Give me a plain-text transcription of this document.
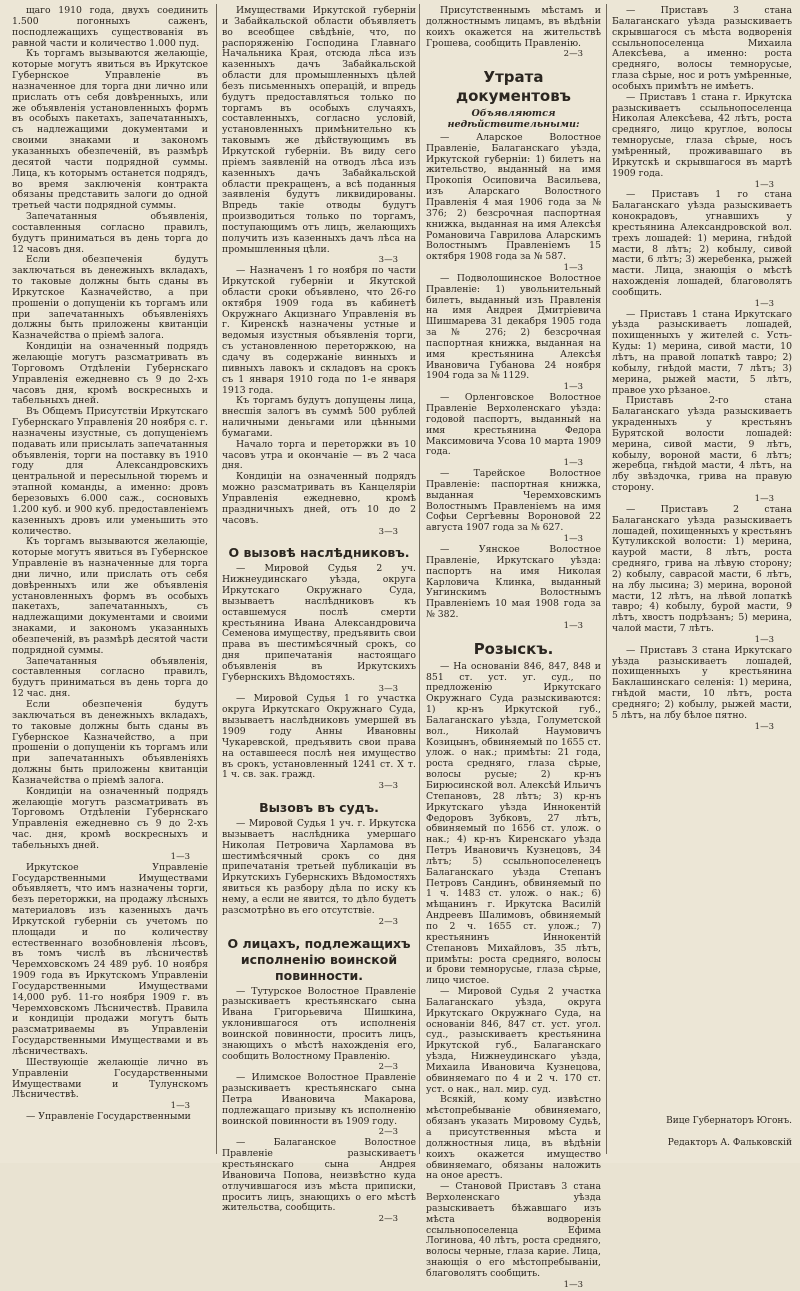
щаго 1910 года, двухъ соединить 1.500 погонныхъ саженъ, посподлежащихъ существованія въ равной части и количество 1.000 пуд.

Къ торгамъ вызываются желающіе, которые могутъ явиться въ Иркутское Губернское Управленіе въ назначенное для торга дни лично или прислать отъ себя довѣренныхъ, или же объявленія установленныхъ формъ въ особыхъ пакетахъ, запечатанныхъ, съ надлежащими документами и своими знаками и закономъ указанныхъ обезпеченій, въ размѣрѣ десятой части подрядной суммы. Лица, къ которымъ останется подрядъ, во время заключенія контракта обязаны представить залоги до одной третьей части подрядной суммы.

Запечатанныя объявленія, составленныя согласно правилъ, будутъ приниматься въ день торга до 12 часовъ дня.

Если обезпеченія будутъ заключаться въ денежныхъ вкладахъ, то таковые должны быть сданы въ Иркутское Казначейство, а при прошеніи о допущеніи къ торгамъ или при запечатанныхъ объявленіяхъ должны быть приложены квитанціи Казначейства о пріемѣ залога.

Кондиціи на означенный подрядъ желающіе могутъ разсматривать въ Торговомъ Отдѣленіи Губернскаго Управленія ежедневно съ 9 до 2-хъ часовъ дня, кромѣ воскресныхъ и табельныхъ дней.

Въ Общемъ Присутствіи Иркутскаго Губернскаго Управленія 20 ноября с. г. назначены изустные, съ допущеніемъ подавать или присылать запечатанныя объявленія, торги на поставку въ 1910 году для Александровскихъ центральной и пересыльной тюремъ и этапной команды, а именно: дровъ березовыхъ 6.000 саж., сосновыхъ 1.200 куб. и 900 куб. предоставленіемъ казенныхъ дровъ или уменьшить это количество.

Къ торгамъ вызываются желающіе, которые могутъ явиться въ Губернское Управленіе въ назначенные для торга дни лично, или прислать отъ себя довѣренныхъ или же объявленія установленныхъ формъ въ особыхъ пакетахъ, запечатанныхъ, съ надлежащими документами и своими знаками, и закономъ указанныхъ обезпеченій, въ размѣрѣ десятой части подрядной суммы.

Запечатанныя объявленія, составленныя согласно правилъ, будутъ приниматься въ день торга до 12 час. дня.

Если обезпеченія будутъ заключаться въ денежныхъ вкладахъ, то таковые должны быть сданы въ Губернское Казначейство, а при прошеніи о допущеніи къ торгамъ или при запечатанныхъ объявленіяхъ должны быть приложены квитанціи Казначейства о пріемѣ залога.

Кондиціи на означенный подрядъ желающіе могутъ разсматривать въ Торговомъ Отдѣленіи Губернскаго Управленія ежедневно съ 9 до 2-хъ час. дня, кромѣ воскресныхъ и табельныхъ дней.

1—3

Иркутское Управленіе Государственными Имуществами объявляетъ, что имъ назначены торги, безъ переторжки, на продажу лѣсныхъ материаловъ изъ казенныхъ дачъ Иркутской губерніи съ учетомъ по площади и по количеству естественнаго возобновленія лѣсовъ, въ томъ числѣ въ лѣсничествѣ Черемховскомъ 24 489 руб. 10 ноября 1909 года въ Иркутскомъ Управленіи Государственными Имуществами 14,000 руб. 11-го ноября 1909 г. въ Черемховскомъ Лѣсничествѣ. Правила и кондиціи продажи могутъ быть разсматриваемы въ Управленіи Государственными Имуществами и въ лѣсничествахъ.

Шествующіе желающіе лично въ Управленіи Государственными Имуществами и Тулунскомъ Лѣсничествѣ.

1—3

— Управленіе Государственными

Имуществами Иркутской губерніи и Забайкальской области объявляетъ во всеобщее свѣдѣніе, что, по распоряженію Господина Главнаго Начальника Края, отсюда лѣса изъ казенныхъ дачъ Забайкальской области для промышленныхъ цѣлей безъ письменныхъ операцій, и впредь будутъ предоставляться только по торгамъ въ особыхъ случаяхъ, составленныхъ, согласно условій, установленныхъ примѣнительно къ таковымъ же дѣйствующимъ въ Иркутской губерніи. Въ виду сего пріемъ заявленій на отводъ лѣса изъ казенныхъ дачъ Забайкальской области прекращенъ, а всѣ поданныя заявленія будутъ ликвидированы. Впредь такіе отводы будутъ производиться только по торгамъ, поступающимъ отъ лицъ, желающихъ получить изъ казенныхъ дачъ лѣса на промышленныя цѣли.

3—3

— Назначенъ 1 го ноября по части Иркутской губерніи и Якутской области сроки объявлено, что 26-го октября 1909 года въ кабинетѣ Окружнаго Акцизнаго Управленія въ г. Киренскѣ назначены устные и ведомыя изустныя объявленія торги, съ установленною переторжкою, на сдачу въ содержаніе винныхъ и пивныхъ лавокъ и складовъ на срокъ съ 1 января 1910 года по 1-е января 1913 года.

Къ торгамъ будутъ допущены лица, внесшія залогъ въ суммѣ 500 рублей наличными деньгами или цѣнными бумагами.

Начало торга и переторжки въ 10 часовъ утра и окончаніе — въ 2 часа дня.

Кондиціи на означенный подрядъ можно разсматривать въ Канцеляріи Управленія ежедневно, кромѣ праздничныхъ дней, отъ 10 до 2 часовъ.

3—3
О вызовѣ наслѣдниковъ.

— Мировой Судья 2 уч. Нижнеудинскаго уѣзда, округа Иркутскаго Окружнаго Суда, вызываетъ наслѣдниковъ къ оставшемуся послѣ смерти крестьянина Ивана Александровича Семенова имуществу, предъявить свои права въ шестимѣсячный срокъ, со дня припечатанія настоящаго объявленія въ Иркутскихъ Губернскихъ Вѣдомостяхъ.

3—3

— Мировой Судья 1 го участка округа Иркутскаго Окружнаго Суда, вызываетъ наслѣдниковъ умершей въ 1909 году Анны Ивановны Чукаревской, предъявить свои права на оставшееся послѣ нея имущество въ срокъ, установленный 1241 ст. X т. 1 ч. св. зак. гражд.

3—3
Вызовъ въ судъ.

— Мировой Судья 1 уч. г. Иркутска вызываетъ наслѣдника умершаго Николая Петровича Харламова въ шестимѣсячный срокъ со дня припечатанія третьей публикаціи въ Иркутскихъ Губернскихъ Вѣдомостяхъ явиться къ разбору дѣла по иску къ нему, а если не явится, то дѣло будетъ разсмотрѣно въ его отсутствіе.

2—3
О лицахъ, подлежащихъ исполненію воинской повинности.

— Тутурское Волостное Правленіе разыскиваетъ крестьянскаго сына Ивана Григорьевича Шишкина, уклонившагося отъ исполненія воинской повинности, проситъ лицъ, знающихъ о мѣстѣ нахожденія его, сообщить Волостному Правленію.

2—3

— Илимское Волостное Правленіе разыскиваетъ крестьянскаго сына Петра Ивановича Макарова, подлежащаго призыву къ исполненію воинской повинности въ 1909 году.

2—3

— Балаганское Волостное Правленіе разыскиваетъ крестьянскаго сына Андрея Ивановича Попова, неизвѣстно куда отлучившагося изъ мѣста приписки, проситъ лицъ, знающихъ о его мѣстѣ жительства, сообщить.

2—3

Присутственнымъ мѣстамъ и должностнымъ лицамъ, въ вѣдѣніи коихъ окажется на жительствѣ Грошева, сообщить Правленію.

2—3
Утрата документовъ
Объявляются недѣйствительными:

— Аларское Волостное Правленіе, Балаганскаго уѣзда, Иркутской губерніи: 1) билетъ на жительство, выданный на имя Прокопія Осиповича Васильева, изъ Аларскаго Волостного Правленія 4 мая 1906 года за № 376; 2) безсрочная паспортная книжка, выданная на имя Алексѣя Романовича Гаврилова Аларскимъ Волостнымъ Правленіемъ 15 октября 1908 года за № 587.

1—3

— Подволошинское Волостное Правленіе: 1) увольнительный билетъ, выданный изъ Правленія на имя Андрея Дмитріевича Шишмарева 31 декабря 1905 года за № 276; 2) безсрочная паспортная книжка, выданная на имя крестьянина Алексѣя Ивановича Губанова 24 ноября 1904 года за № 1129.

1—3

— Орленговское Волостное Правленіе Верхоленскаго уѣзда: годовой паспортъ, выданный на имя крестьянина Федора Максимовича Усова 10 марта 1909 года.

1—3

— Тарейское Волостное Правленіе: паспортная книжка, выданная Черемховскимъ Волостнымъ Правленіемъ на имя Софьи Сергѣевны Вороновой 22 августа 1907 года за № 627.

1—3

— Уянское Волостное Правленіе, Иркутскаго уѣзда: паспортъ на имя Николая Карловича Клинка, выданный Унгинскимъ Волостнымъ Правленіемъ 10 мая 1908 года за № 382.

1—3
Розыскъ.

— На основаніи 846, 847, 848 и 851 ст. уст. уг. суд., по предложенію Иркутскаго Окружнаго Суда разыскиваются: 1) кр-нъ Иркутской губ., Балаганскаго уѣзда, Голуметской вол., Николай Наумовичъ Козицынъ, обвиняемый по 1655 ст. улож. о нак.; примѣты: 21 года, роста средняго, глаза сѣрые, волосы русые; 2) кр-нъ Бирюсинской вол. Алексѣй Ильичъ Степановъ, 28 лѣтъ; 3) кр-нъ Иркутскаго уѣзда Иннокентій Федоровъ Зубковъ, 27 лѣтъ, обвиняемый по 1656 ст. улож. о нак.; 4) кр-нъ Киренскаго уѣзда Петръ Ивановичъ Кузнецовъ, 34 лѣтъ; 5) ссыльнопоселенецъ Балаганскаго уѣзда Степанъ Петровъ Сандинъ, обвиняемый по 1 ч. 1483 ст. улож. о нак.; 6) мѣщанинъ г. Иркутска Василій Андреевъ Шалимовъ, обвиняемый по 2 ч. 1655 ст. улож.; 7) крестьянинъ Иннокентій Степановъ Михайловъ, 35 лѣтъ, примѣты: роста средняго, волосы и брови темнорусые, глаза сѣрые, лицо чистое.

— Мировой Судья 2 участка Балаганскаго уѣзда, округа Иркутскаго Окружнаго Суда, на основаніи 846, 847 ст. уст. угол. суд., разыскиваетъ крестьянина Иркутской губ., Балаганскаго уѣзда, Нижнеудинскаго уѣзда, Михаила Ивановича Кузнецова, обвиняемаго по 4 и 2 ч. 170 ст. уст. о нак., нал. мир. суд.

Всякій, кому извѣстно мѣстопребываніе обвиняемаго, обязанъ указать Мировому Судьѣ, а присутственныя мѣста и должностныя лица, въ вѣдѣніи коихъ окажется имущество обвиняемаго, обязаны наложить на оное арестъ.

— Становой Приставъ 3 стана Верхоленскаго уѣзда разыскиваетъ бѣжавшаго изъ мѣста водворенія ссыльнопоселенца Ефима Логинова, 40 лѣтъ, роста средняго, волосы черные, глаза карие. Лица, знающія о его мѣстопребываніи, благоволятъ сообщить.

1—3

— Приставъ 3 стана Балаганскаго уѣзда разыскиваетъ скрывшагося съ мѣста водворенія ссыльнопоселенца Михаила Алексѣева, а именно: роста средняго, волосы темнорусые, глаза сѣрые, нос и ротъ умѣренные, особыхъ примѣтъ не имѣетъ.

— Приставъ 1 стана г. Иркутска разыскиваетъ ссыльнопоселенца Николая Алексѣева, 42 лѣтъ, роста средняго, лицо круглое, волосы темнорусые, глаза сѣрые, носъ умѣренный, проживавшаго въ Иркутскѣ и скрывшагося въ мартѣ 1909 года.

1—3

— Приставъ 1 го стана Балаганскаго уѣзда разыскиваетъ конокрадовъ, угнавшихъ у крестьянина Александровской вол. трехъ лошадей: 1) мерина, гнѣдой масти, 8 лѣтъ; 2) кобылу, сивой масти, 6 лѣтъ; 3) жеребенка, рыжей масти. Лица, знающія о мѣстѣ нахожденія лошадей, благоволятъ сообщить.

1—3

— Приставъ 1 стана Иркутскаго уѣзда разыскиваетъ лошадей, похищенныхъ у жителей с. Усть-Куды: 1) мерина, сивой масти, 10 лѣтъ, на правой лопаткѣ тавро; 2) кобылу, гнѣдой масти, 7 лѣтъ; 3) мерина, рыжей масти, 5 лѣтъ, правое ухо рѣзаное.

Приставъ 2-го стана Балаганскаго уѣзда разыскиваетъ украденныхъ у крестьянъ Бурятской волости лошадей: мерина, сивой масти, 9 лѣтъ, кобылу, вороной масти, 6 лѣтъ; жеребца, гнѣдой масти, 4 лѣтъ, на лбу звѣздочка, грива на правую сторону.

1—3

— Приставъ 2 стана Балаганскаго уѣзда разыскиваетъ лошадей, похищенныхъ у крестьянъ Кутуликской волости: 1) мерина, каурой масти, 8 лѣтъ, роста средняго, грива на лѣвую сторону; 2) кобылу, саврасой масти, 6 лѣтъ, на лбу лысина; 3) мерина, вороной масти, 12 лѣтъ, на лѣвой лопаткѣ тавро; 4) кобылу, бурой масти, 9 лѣтъ, хвостъ подрѣзанъ; 5) мерина, чалой масти, 7 лѣтъ.

1—3

— Приставъ 3 стана Иркутскаго уѣзда разыскиваетъ лошадей, похищенныхъ у крестьянина Баклашинскаго селенія: 1) мерина, гнѣдой масти, 10 лѣтъ, роста средняго; 2) кобылу, рыжей масти, 5 лѣтъ, на лбу бѣлое пятно.

1—3
Вице Губернаторъ Югонъ.
Редакторъ А. Фальковскій
